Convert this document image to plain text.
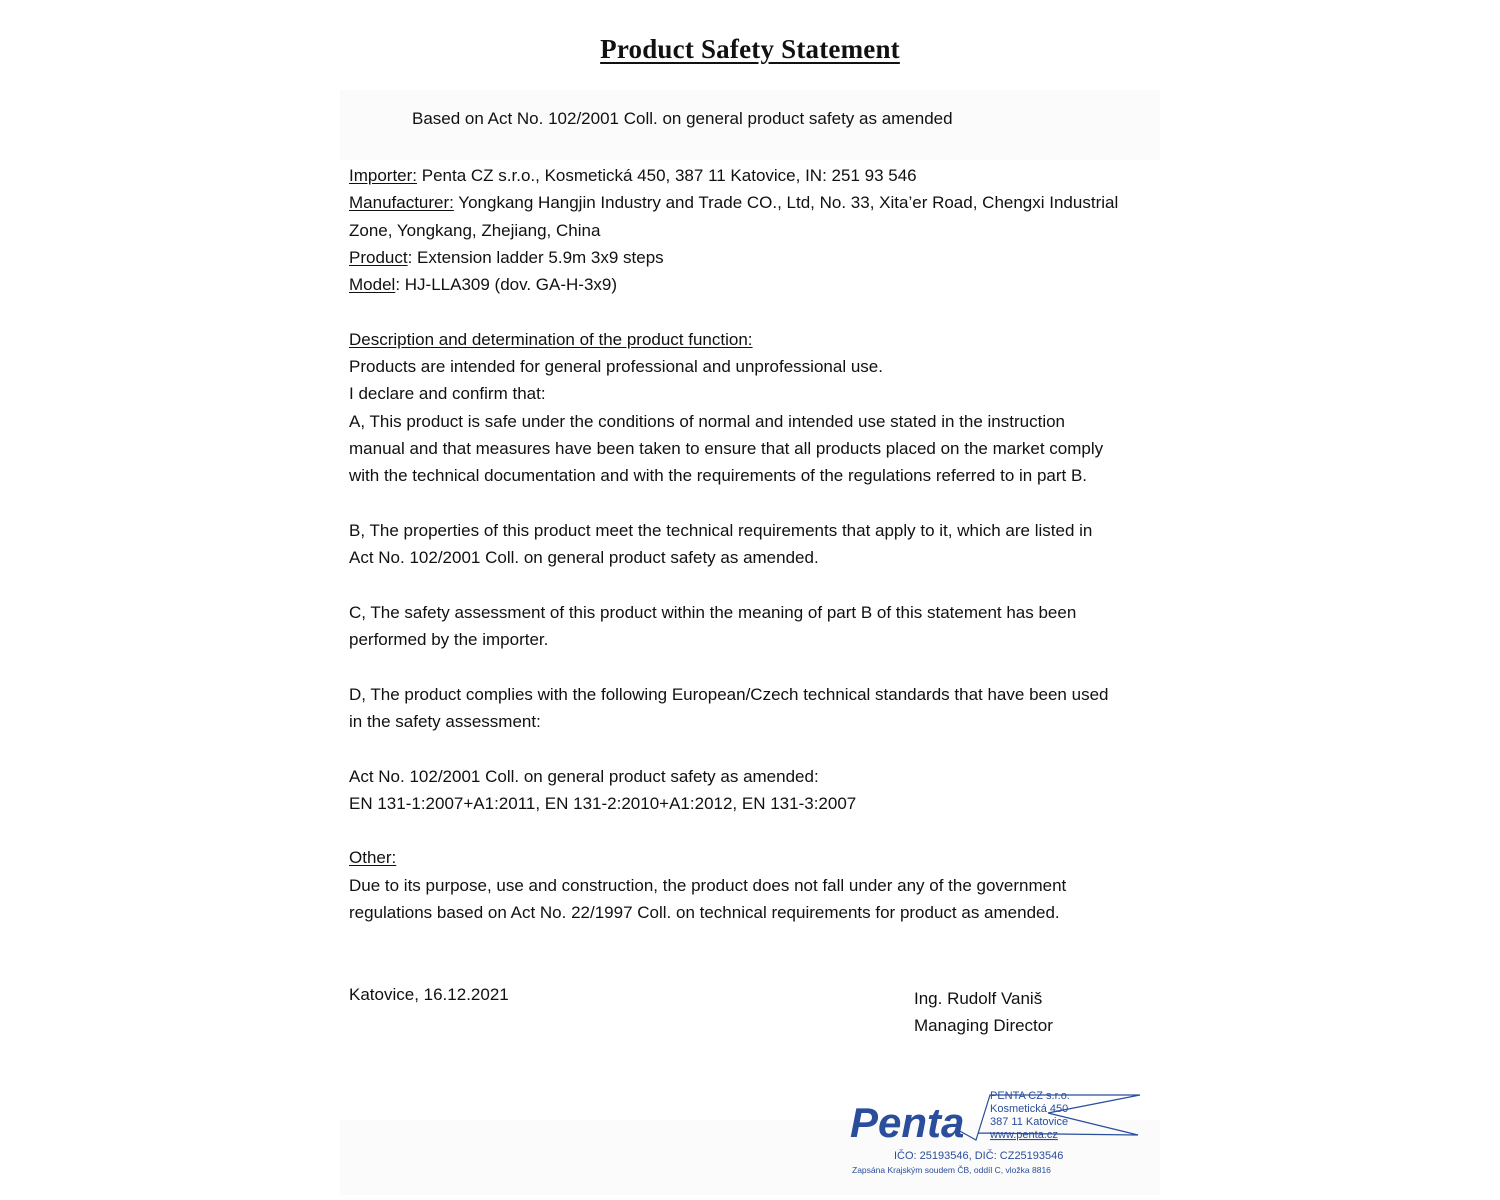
Product Safety Statement
Based on Act No. 102/2001 Coll. on general product safety as amended
Importer: Penta CZ s.r.o., Kosmetická 450, 387 11 Katovice, IN: 251 93 546
Manufacturer: Yongkang Hangjin Industry and Trade CO., Ltd, No. 33, Xita’er Road, Chengxi Industrial
Zone, Yongkang, Zhejiang, China
Product: Extension ladder 5.9m 3x9 steps
Model: HJ-LLA309 (dov. GA-H-3x9)
Description and determination of the product function:
Products are intended for general professional and unprofessional use.
I declare and confirm that:
A, This product is safe under the conditions of normal and intended use stated in the instruction
manual and that measures have been taken to ensure that all products placed on the market comply
with the technical documentation and with the requirements of the regulations referred to in part B.
B, The properties of this product meet the technical requirements that apply to it, which are listed in
Act No. 102/2001 Coll. on general product safety as amended.
C, The safety assessment of this product within the meaning of part B of this statement has been
performed by the importer.
D, The product complies with the following European/Czech technical standards that have been used
in the safety assessment:
Act No. 102/2001 Coll. on general product safety as amended:
EN 131-1:2007+A1:2011, EN 131-2:2010+A1:2012, EN 131-3:2007
Other:
Due to its purpose, use and construction, the product does not fall under any of the government
regulations based on Act No. 22/1997 Coll. on technical requirements for product as amended.
Katovice, 16.12.2021	Ing. Rudolf Vaniš
Managing Director
Penta
PENTA CZ s.r.o.
Kosmetická 450
387 11 Katovice
www.penta.cz
IČO: 25193546, DIČ: CZ25193546
Zapsána Krajským soudem ČB, oddíl C, vložka 8816
